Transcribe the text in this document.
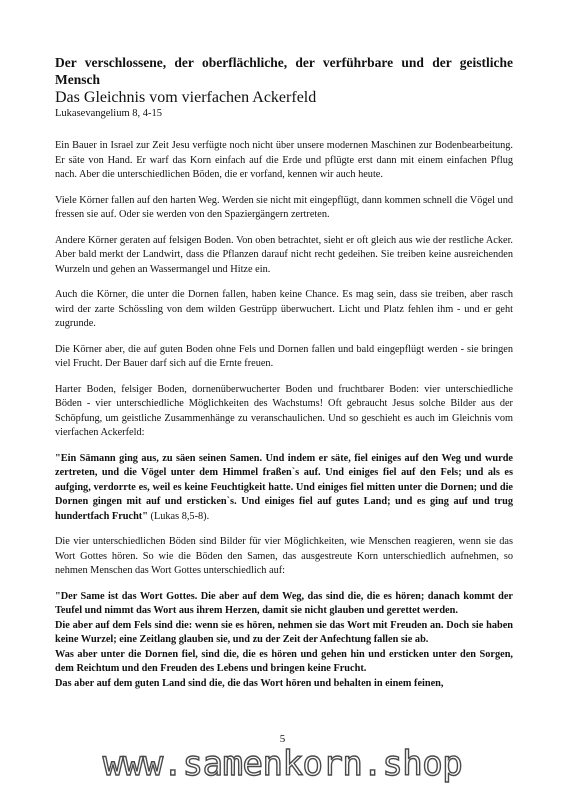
Der verschlossene, der oberflächliche, der verführbare und der geistliche Mensch

Das Gleichnis vom vierfachen Ackerfeld

Lukasevangelium 8, 4-15

Ein Bauer in Israel zur Zeit Jesu verfügte noch nicht über unsere modernen Maschinen zur Bodenbearbeitung. Er säte von Hand. Er warf das Korn einfach auf die Erde und pflügte erst dann mit einem einfachen Pflug nach. Aber die unterschiedlichen Böden, die er vorfand, kennen wir auch heute.

Viele Körner fallen auf den harten Weg. Werden sie nicht mit eingepflügt, dann kommen schnell die Vögel und fressen sie auf. Oder sie werden von den Spaziergängern zertreten.

Andere Körner geraten auf felsigen Boden. Von oben betrachtet, sieht er oft gleich aus wie der restliche Acker. Aber bald merkt der Landwirt, dass die Pflanzen darauf nicht recht gedeihen. Sie treiben keine ausreichenden Wurzeln und gehen an Wassermangel und Hitze ein.

Auch die Körner, die unter die Dornen fallen, haben keine Chance. Es mag sein, dass sie treiben, aber rasch wird der zarte Schössling von dem wilden Gestrüpp überwuchert. Licht und Platz fehlen ihm - und er geht zugrunde.

Die Körner aber, die auf guten Boden ohne Fels und Dornen fallen und bald eingepflügt werden - sie bringen viel Frucht. Der Bauer darf sich auf die Ernte freuen.

Harter Boden, felsiger Boden, dornenüberwucherter Boden und fruchtbarer Boden: vier unterschiedliche Böden - vier unterschiedliche Möglichkeiten des Wachstums! Oft gebraucht Jesus solche Bilder aus der Schöpfung, um geistliche Zusammenhänge zu veranschaulichen. Und so geschieht es auch im Gleichnis vom vierfachen Ackerfeld:

"Ein Sämann ging aus, zu säen seinen Samen. Und indem er säte, fiel einiges auf den Weg und wurde zertreten, und die Vögel unter dem Himmel fraßen`s auf. Und einiges fiel auf den Fels; und als es aufging, verdorrte es, weil es keine Feuchtigkeit hatte. Und einiges fiel mitten unter die Dornen; und die Dornen gingen mit auf und ersticken`s. Und einiges fiel auf gutes Land; und es ging auf und trug hundertfach Frucht" (Lukas 8,5-8).

Die vier unterschiedlichen Böden sind Bilder für vier Möglichkeiten, wie Menschen reagieren, wenn sie das Wort Gottes hören. So wie die Böden den Samen, das ausgestreute Korn unterschiedlich aufnehmen, so nehmen Menschen das Wort Gottes unterschiedlich auf:

"Der Same ist das Wort Gottes. Die aber auf dem Weg, das sind die, die es hören; danach kommt der Teufel und nimmt das Wort aus ihrem Herzen, damit sie nicht glauben und gerettet werden.
Die aber auf dem Fels sind die: wenn sie es hören, nehmen sie das Wort mit Freuden an. Doch sie haben keine Wurzel; eine Zeitlang glauben sie, und zu der Zeit der Anfechtung fallen sie ab.
Was aber unter die Dornen fiel, sind die, die es hören und gehen hin und ersticken unter den Sorgen, dem Reichtum und den Freuden des Lebens und bringen keine Frucht.
Das aber auf dem guten Land sind die, die das Wort hören und behalten in einem feinen,
5
www.samenkorn.shop
